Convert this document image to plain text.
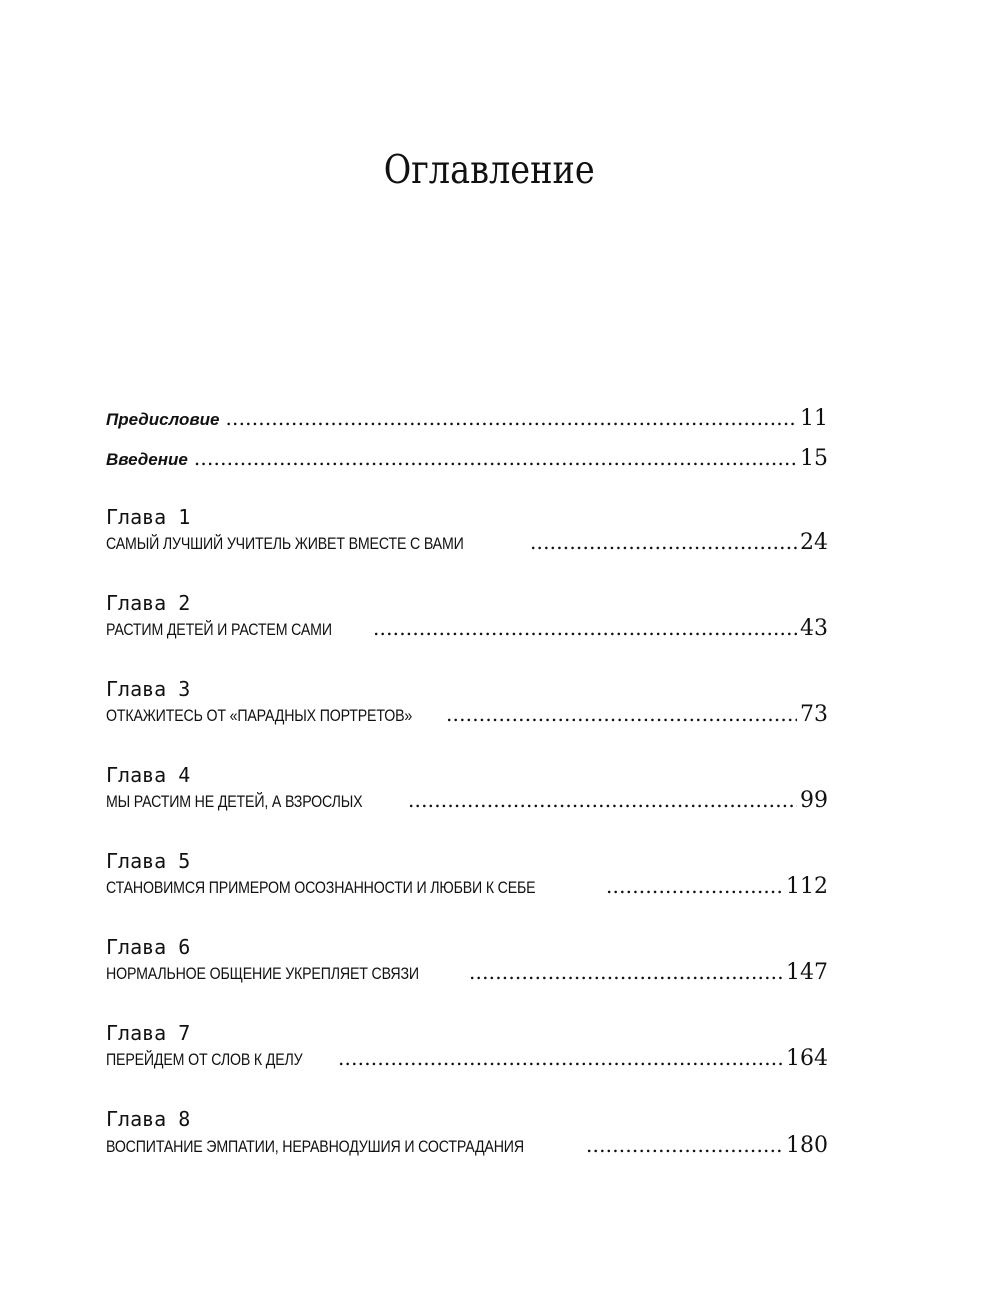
Оглавление
Предисловие .....	11
Введение .....	15
Глава 1
САМЫЙ ЛУЧШИЙ УЧИТЕЛЬ ЖИВЕТ ВМЕСТЕ С ВАМИ .....	24
Глава 2
РАСТИМ ДЕТЕЙ И РАСТЕМ САМИ .....	43
Глава 3
ОТКАЖИТЕСЬ ОТ «ПАРАДНЫХ ПОРТРЕТОВ» .....	73
Глава 4
МЫ РАСТИМ НЕ ДЕТЕЙ, А ВЗРОСЛЫХ .....	99
Глава 5
СТАНОВИМСЯ ПРИМЕРОМ ОСОЗНАННОСТИ И ЛЮБВИ К СЕБЕ .....	112
Глава 6
НОРМАЛЬНОЕ ОБЩЕНИЕ УКРЕПЛЯЕТ СВЯЗИ .....	147
Глава 7
ПЕРЕЙДЕМ ОТ СЛОВ К ДЕЛУ .....	164
Глава 8
ВОСПИТАНИЕ ЭМПАТИИ, НЕРАВНОДУШИЯ И СОСТРАДАНИЯ .....	180
